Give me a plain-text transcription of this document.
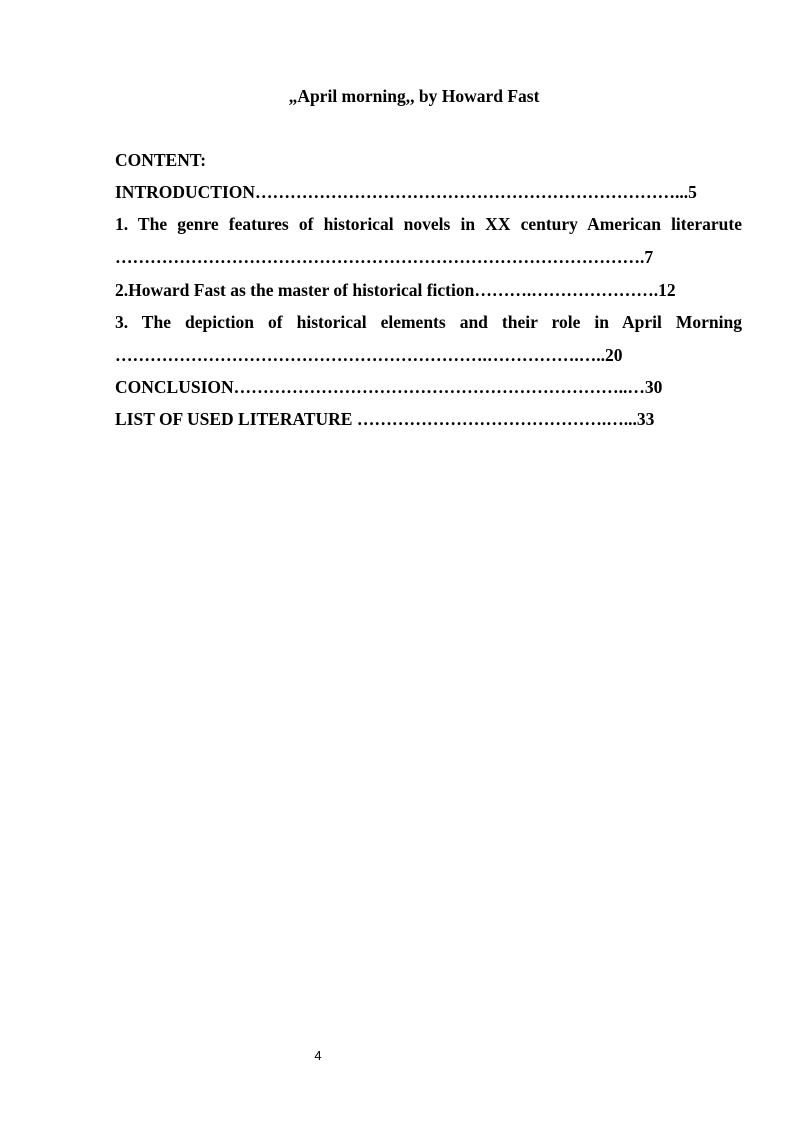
„April morning,, by Howard Fast
CONTENT:
INTRODUCTION………………………………………………………………...5
1. The genre features of historical novels in XX century American literarute
……………………………………………………………………………….7
2.Howard Fast as the master of historical fiction……….………………….12
3. The depiction of historical elements and their role in April Morning
……………………………………………………….…………….…..20
CONCLUSION…………………………………………………………..…30
LIST OF USED LITERATURE …………………………………….…...33
4
